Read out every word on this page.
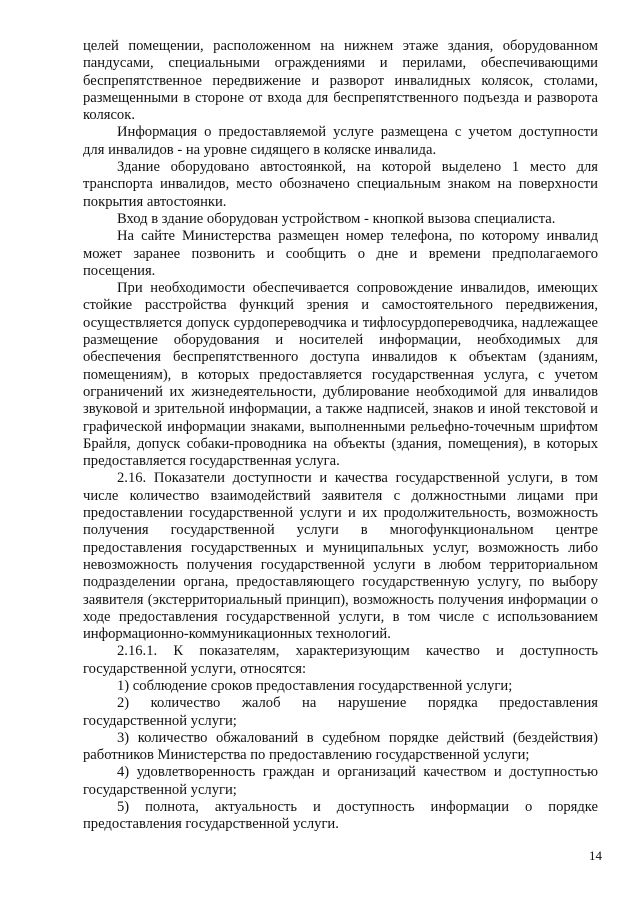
целей помещении, расположенном на нижнем этаже здания, оборудованном пандусами, специальными ограждениями и перилами, обеспечивающими беспрепятственное передвижение и разворот инвалидных колясок, столами, размещенными в стороне от входа для беспрепятственного подъезда и разворота колясок.

Информация о предоставляемой услуге размещена с учетом доступности для инвалидов - на уровне сидящего в коляске инвалида.

Здание оборудовано автостоянкой, на которой выделено 1 место для транспорта инвалидов, место обозначено специальным знаком на поверхности покрытия автостоянки.

Вход в здание оборудован устройством - кнопкой вызова специалиста.

На сайте Министерства размещен номер телефона, по которому инвалид может заранее позвонить и сообщить о дне и времени предполагаемого посещения.

При необходимости обеспечивается сопровождение инвалидов, имеющих стойкие расстройства функций зрения и самостоятельного передвижения, осуществляется допуск сурдопереводчика и тифлосурдопереводчика, надлежащее размещение оборудования и носителей информации, необходимых для обеспечения беспрепятственного доступа инвалидов к объектам (зданиям, помещениям), в которых предоставляется государственная услуга, с учетом ограничений их жизнедеятельности, дублирование необходимой для инвалидов звуковой и зрительной информации, а также надписей, знаков и иной текстовой и графической информации знаками, выполненными рельефно-точечным шрифтом Брайля, допуск собаки-проводника на объекты (здания, помещения), в которых предоставляется государственная услуга.

2.16. Показатели доступности и качества государственной услуги, в том числе количество взаимодействий заявителя с должностными лицами при предоставлении государственной услуги и их продолжительность, возможность получения государственной услуги в многофункциональном центре предоставления государственных и муниципальных услуг, возможность либо невозможность получения государственной услуги в любом территориальном подразделении органа, предоставляющего государственную услугу, по выбору заявителя (экстерриториальный принцип), возможность получения информации о ходе предоставления государственной услуги, в том числе с использованием информационно-коммуникационных технологий.

2.16.1. К показателям, характеризующим качество и доступность государственной услуги, относятся:

1) соблюдение сроков предоставления государственной услуги;

2) количество жалоб на нарушение порядка предоставления государственной услуги;

3) количество обжалований в судебном порядке действий (бездействия) работников Министерства по предоставлению государственной услуги;

4) удовлетворенность граждан и организаций качеством и доступностью государственной услуги;

5) полнота, актуальность и доступность информации о порядке предоставления государственной услуги.

14
